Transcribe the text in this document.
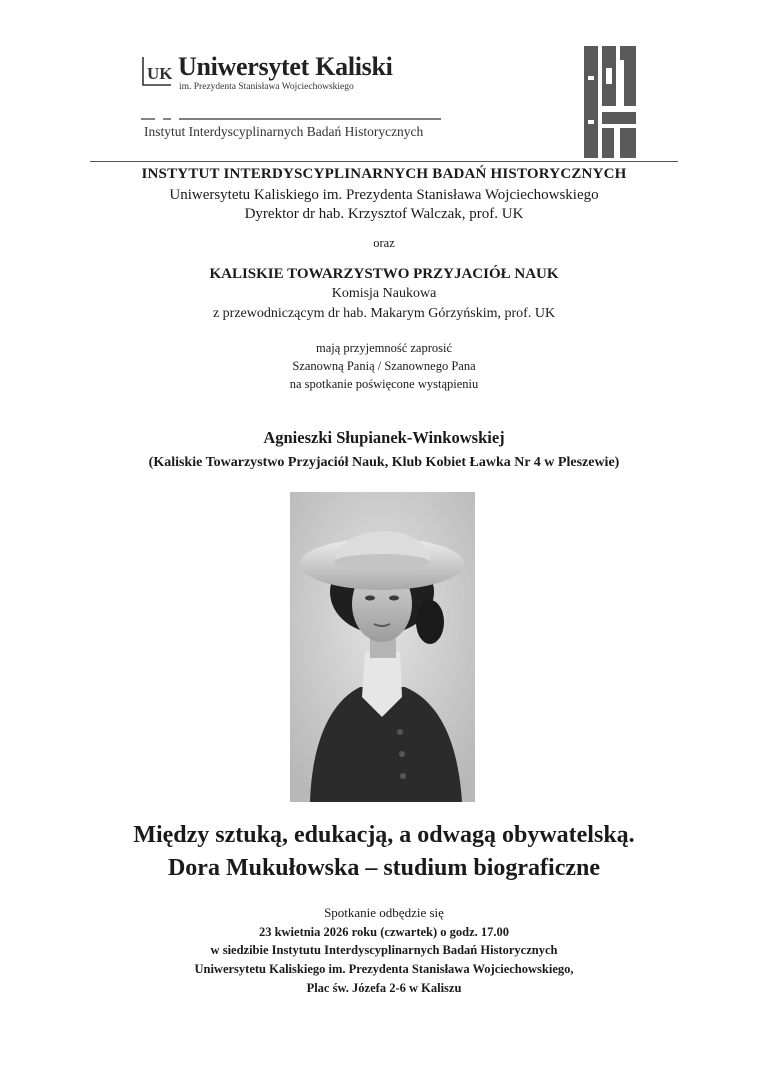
UK Uniwersytet Kaliski
im. Prezydenta Stanisława Wojciechowskiego
Instytut Interdyscyplinarnych Badań Historycznych
INSTYTUT INTERDYSCYPLINARNYCH BADAŃ HISTORYCZNYCH
Uniwersytetu Kaliskiego im. Prezydenta Stanisława Wojciechowskiego
Dyrektor dr hab. Krzysztof Walczak, prof. UK
oraz
KALISKIE TOWARZYSTWO PRZYJACIÓŁ NAUK
Komisja Naukowa
z przewodniczącym dr hab. Makarym Górzyńskim, prof. UK
mają przyjemność zaprosić
Szanowną Panią / Szanownego Pana
na spotkanie poświęcone wystąpieniu
Agnieszki Słupianek-Winkowskiej
(Kaliskie Towarzystwo Przyjaciół Nauk, Klub Kobiet Ławka Nr 4 w Pleszewie)
Między sztuką, edukacją, a odwagą obywatelską.
Dora Mukułowska – studium biograficzne
Spotkanie odbędzie się
23 kwietnia 2026 roku (czwartek) o godz. 17.00
w siedzibie Instytutu Interdyscyplinarnych Badań Historycznych
Uniwersytetu Kaliskiego im. Prezydenta Stanisława Wojciechowskiego,
Plac św. Józefa 2-6 w Kaliszu
